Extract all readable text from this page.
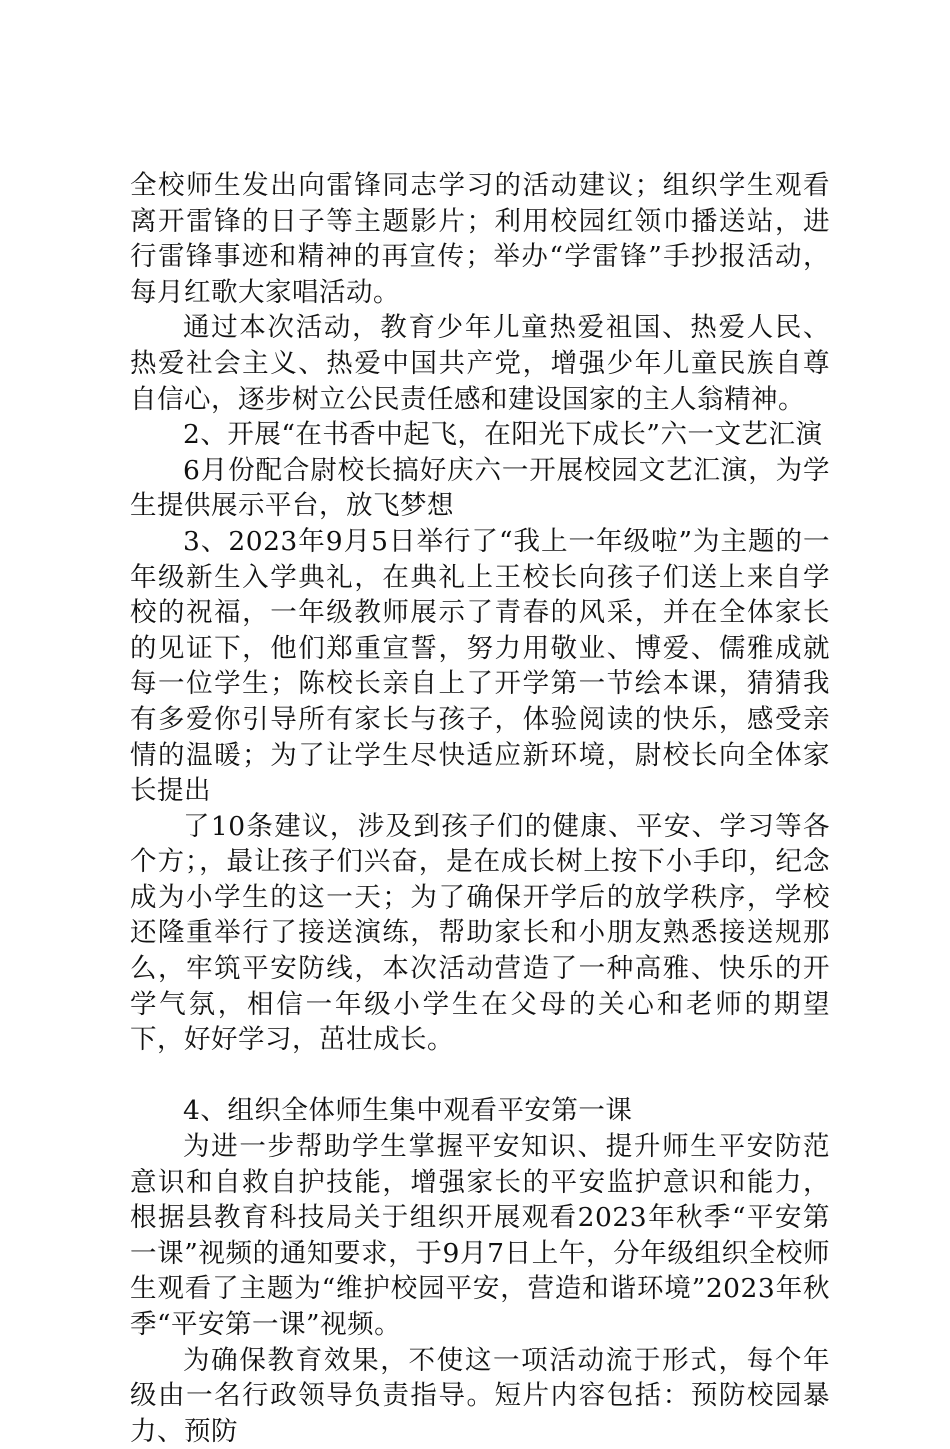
全校师生发出向雷锋同志学习的活动建议；组织学生观看离开雷锋的日子等主题影片；利用校园红领巾播送站，进行雷锋事迹和精神的再宣传；举办“学雷锋”手抄报活动，每月红歌大家唱活动。

通过本次活动，教育少年儿童热爱祖国、热爱人民、热爱社会主义、热爱中国共产党，增强少年儿童民族自尊自信心，逐步树立公民责任感和建设国家的主人翁精神。

2、开展“在书香中起飞，在阳光下成长”六一文艺汇演

6月份配合尉校长搞好庆六一开展校园文艺汇演，为学生提供展示平台，放飞梦想

3、2023年9月5日举行了“我上一年级啦”为主题的一年级新生入学典礼，在典礼上王校长向孩子们送上来自学校的祝福，一年级教师展示了青春的风采，并在全体家长的见证下，他们郑重宣誓，努力用敬业、博爱、儒雅成就每一位学生；陈校长亲自上了开学第一节绘本课，猜猜我有多爱你引导所有家长与孩子，体验阅读的快乐，感受亲情的温暖；为了让学生尽快适应新环境，尉校长向全体家长提出

了10条建议，涉及到孩子们的健康、平安、学习等各个方；，最让孩子们兴奋，是在成长树上按下小手印，纪念成为小学生的这一天；为了确保开学后的放学秩序，学校还隆重举行了接送演练，帮助家长和小朋友熟悉接送规那么，牢筑平安防线，本次活动营造了一种高雅、快乐的开学气氛，相信一年级小学生在父母的关心和老师的期望下，好好学习，茁壮成长。

4、组织全体师生集中观看平安第一课

为进一步帮助学生掌握平安知识、提升师生平安防范意识和自救自护技能，增强家长的平安监护意识和能力，根据县教育科技局关于组织开展观看2023年秋季“平安第一课”视频的通知要求，于9月7日上午，分年级组织全校师生观看了主题为“维护校园平安，营造和谐环境”2023年秋季“平安第一课”视频。

为确保教育效果，不使这一项活动流于形式，每个年级由一名行政领导负责指导。短片内容包括：预防校园暴力、预防
